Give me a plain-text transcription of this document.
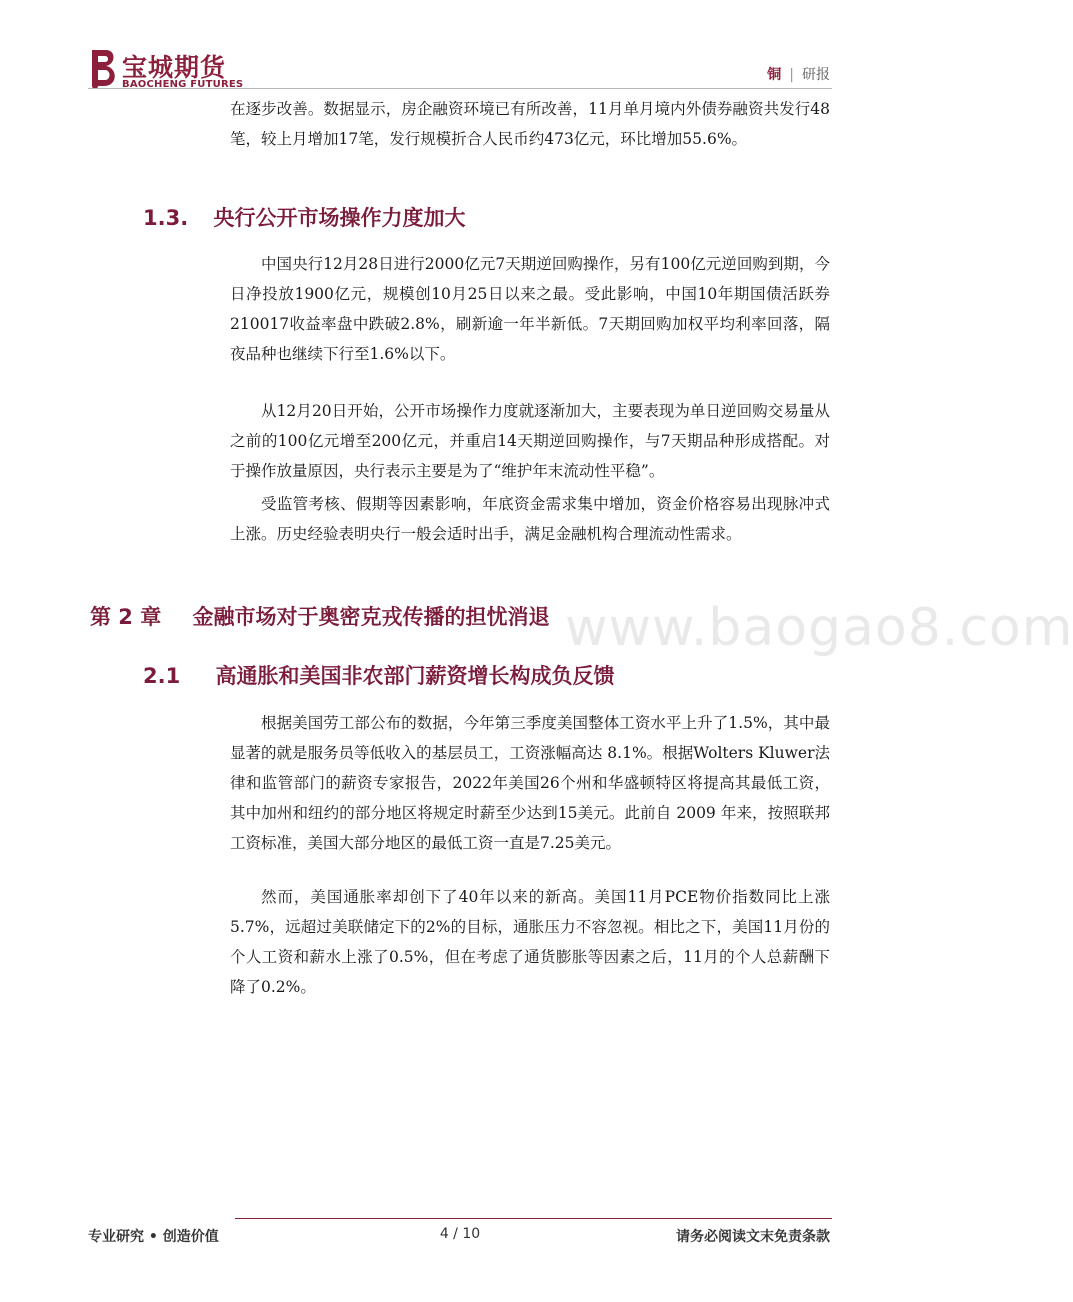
宝城期货
BAOCHENG FUTURES
铜 | 研报
www.baogao8.com
在逐步改善。数据显示，房企融资环境已有所改善，11月单月境内外债券融资共发行48笔，较上月增加17笔，发行规模折合人民币约473亿元，环比增加55.6%。
1.3. 央行公开市场操作力度加大
中国央行12月28日进行2000亿元7天期逆回购操作，另有100亿元逆回购到期，今日净投放1900亿元，规模创10月25日以来之最。受此影响，中国10年期国债活跃券210017收益率盘中跌破2.8%，刷新逾一年半新低。7天期回购加权平均利率回落，隔夜品种也继续下行至1.6%以下。
从12月20日开始，公开市场操作力度就逐渐加大，主要表现为单日逆回购交易量从之前的100亿元增至200亿元，并重启14天期逆回购操作，与7天期品种形成搭配。对于操作放量原因，央行表示主要是为了“维护年末流动性平稳”。
受监管考核、假期等因素影响，年底资金需求集中增加，资金价格容易出现脉冲式上涨。历史经验表明央行一般会适时出手，满足金融机构合理流动性需求。
第 2 章 金融市场对于奥密克戎传播的担忧消退
2.1 高通胀和美国非农部门薪资增长构成负反馈
根据美国劳工部公布的数据，今年第三季度美国整体工资水平上升了1.5%，其中最显著的就是服务员等低收入的基层员工，工资涨幅高达 8.1%。根据Wolters Kluwer法律和监管部门的薪资专家报告，2022年美国26个州和华盛顿特区将提高其最低工资，其中加州和纽约的部分地区将规定时薪至少达到15美元。此前自 2009 年来，按照联邦工资标准，美国大部分地区的最低工资一直是7.25美元。
然而，美国通胀率却创下了40年以来的新高。美国11月PCE物价指数同比上涨5.7%，远超过美联储定下的2%的目标，通胀压力不容忽视。相比之下，美国11月份的个人工资和薪水上涨了0.5%，但在考虑了通货膨胀等因素之后，11月的个人总薪酬下降了0.2%。
专业研究 • 创造价值	4 / 10	请务必阅读文末免责条款
